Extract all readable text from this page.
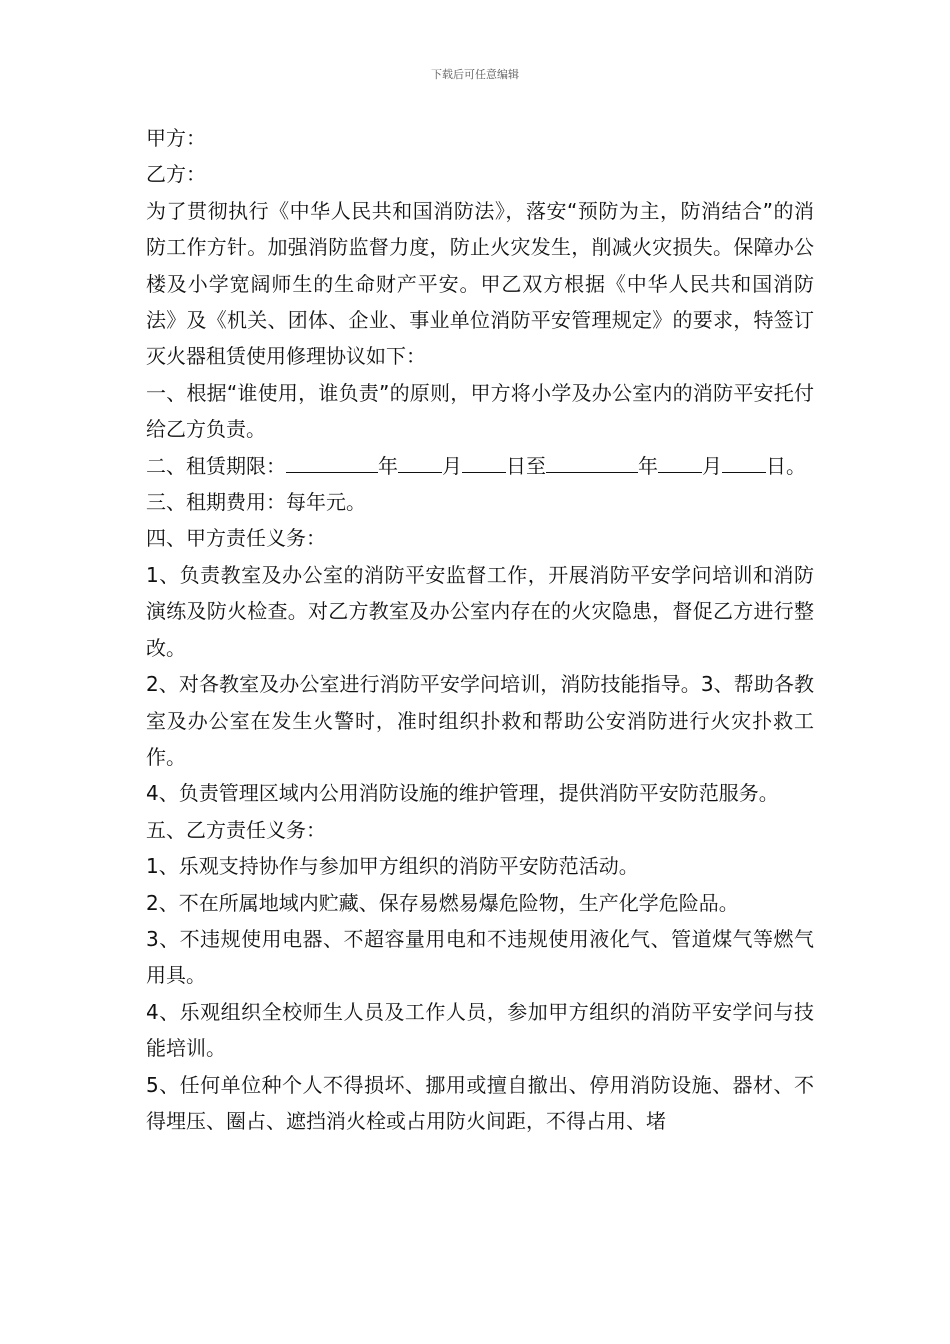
下载后可任意编辑

甲方：

乙方：

为了贯彻执行《中华人民共和国消防法》，落安“预防为主，防消结合”的消防工作方针。加强消防监督力度，防止火灾发生，削减火灾损失。保障办公楼及小学宽阔师生的生命财产平安。甲乙双方根据《中华人民共和国消防法》及《机关、团体、企业、事业单位消防平安管理规定》的要求，特签订灭火器租赁使用修理协议如下：

一、根据“谁使用，谁负责”的原则，甲方将小学及办公室内的消防平安托付给乙方负责。

二、租赁期限：	年 月 日至	年 月 日。

三、租期费用：每年元。

四、甲方责任义务：

1、负责教室及办公室的消防平安监督工作，开展消防平安学问培训和消防演练及防火检查。对乙方教室及办公室内存在的火灾隐患，督促乙方进行整改。

2、对各教室及办公室进行消防平安学问培训，消防技能指导。3、帮助各教室及办公室在发生火警时，准时组织扑救和帮助公安消防进行火灾扑救工作。

4、负责管理区域内公用消防设施的维护管理，提供消防平安防范服务。

五、乙方责任义务：

1、乐观支持协作与参加甲方组织的消防平安防范活动。

2、不在所属地域内贮藏、保存易燃易爆危险物，生产化学危险品。

3、不违规使用电器、不超容量用电和不违规使用液化气、管道煤气等燃气用具。

4、乐观组织全校师生人员及工作人员，参加甲方组织的消防平安学问与技能培训。

5、任何单位种个人不得损坏、挪用或擅自撤出、停用消防设施、器材、不得埋压、圈占、遮挡消火栓或占用防火间距，不得占用、堵
